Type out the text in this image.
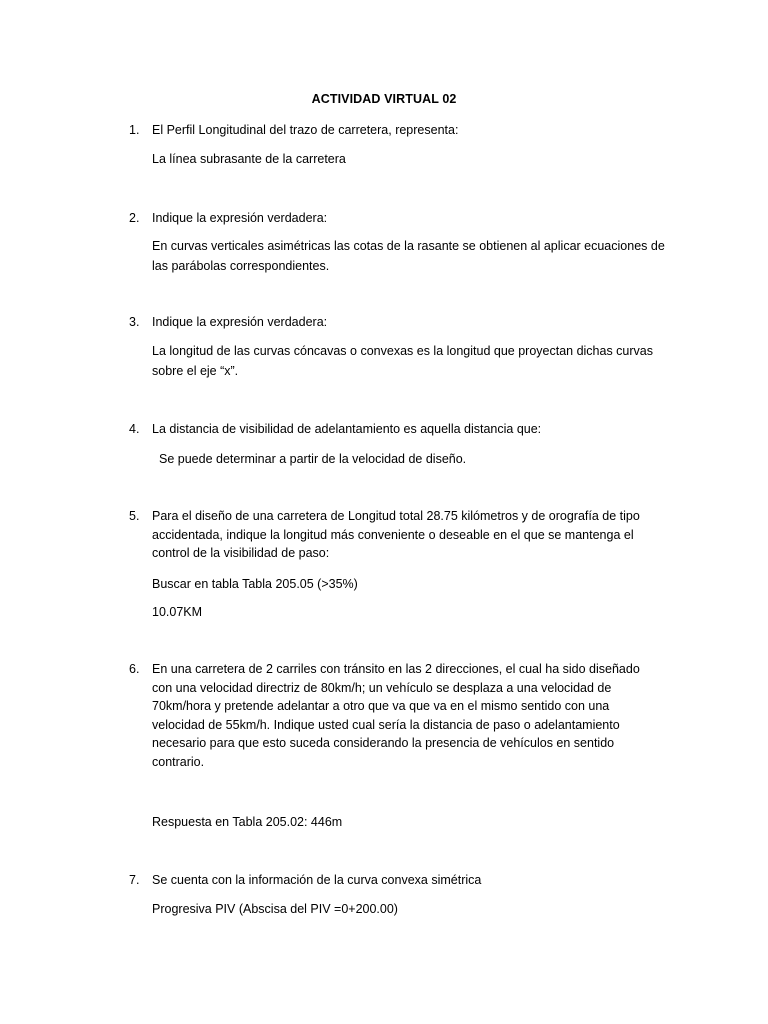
ACTIVIDAD VIRTUAL 02
1.	El Perfil Longitudinal del trazo de carretera, representa:
La línea subrasante de la carretera
2.	Indique la expresión verdadera:
En curvas verticales asimétricas las cotas de la rasante se obtienen al aplicar ecuaciones de
las parábolas correspondientes.
3.	Indique la expresión verdadera:
La longitud de las curvas cóncavas o convexas es la longitud que proyectan dichas curvas
sobre el eje “x”.
4.	La distancia de visibilidad de adelantamiento es aquella distancia que:
Se puede determinar a partir de la velocidad de diseño.
5.	Para el diseño de una carretera de Longitud total 28.75 kilómetros y de orografía de tipo
accidentada, indique la longitud más conveniente o deseable en el que se mantenga el
control de la visibilidad de paso:
Buscar en tabla Tabla 205.05 (>35%)
10.07KM
6.	En una carretera de 2 carriles con tránsito en las 2 direcciones, el cual ha sido diseñado
con una velocidad directriz de 80km/h; un vehículo se desplaza a una velocidad de
70km/hora y pretende adelantar a otro que va que va en el mismo sentido con una
velocidad de 55km/h. Indique usted cual sería la distancia de paso o adelantamiento
necesario para que esto suceda considerando la presencia de vehículos en sentido
contrario.
Respuesta en Tabla 205.02: 446m
7.	Se cuenta con la información de la curva convexa simétrica
Progresiva PIV (Abscisa del PIV =0+200.00)
